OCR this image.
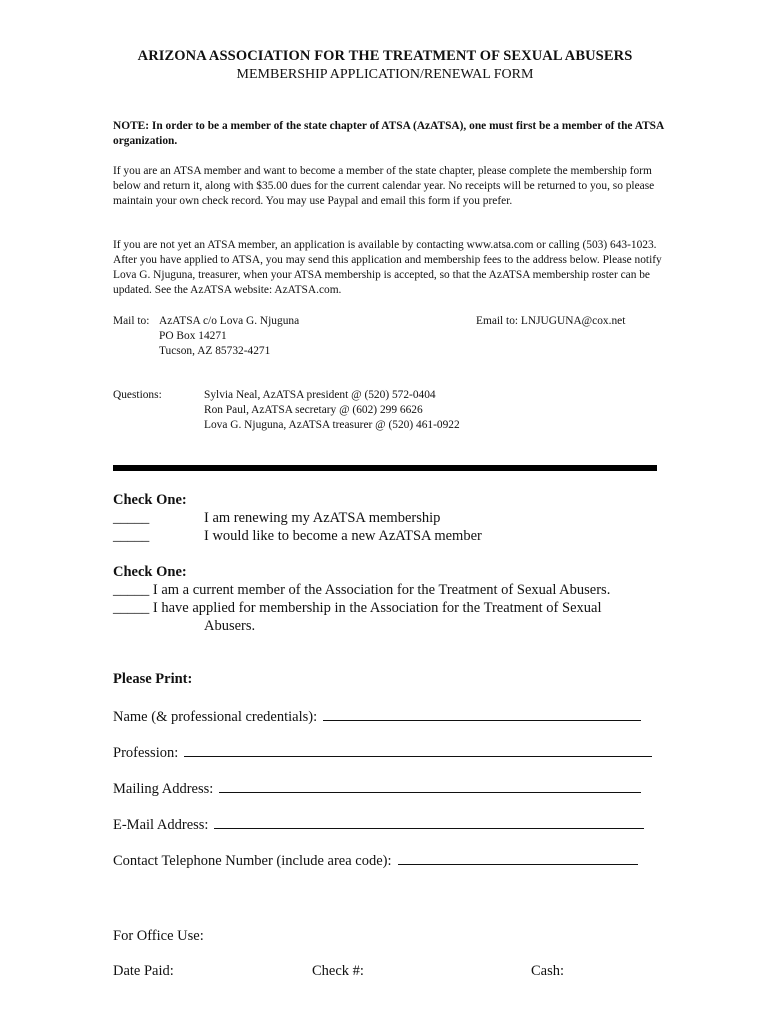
ARIZONA ASSOCIATION FOR THE TREATMENT OF SEXUAL ABUSERS
MEMBERSHIP APPLICATION/RENEWAL FORM
NOTE: In order to be a member of the state chapter of ATSA (AzATSA), one must first be a member of the ATSA organization.
If you are an ATSA member and want to become a member of the state chapter, please complete the membership form below and return it, along with $35.00 dues for the current calendar year. No receipts will be returned to you, so please maintain your own check record. You may use Paypal and email this form if you prefer.
If you are not yet an ATSA member, an application is available by contacting www.atsa.com or calling (503) 643-1023. After you have applied to ATSA, you may send this application and membership fees to the address below. Please notify Lova G. Njuguna, treasurer, when your ATSA membership is accepted, so that the AzATSA membership roster can be updated. See the AzATSA website: AzATSA.com.
Mail to: AzATSA c/o Lova G. Njuguna
PO Box 14271
Tucson, AZ 85732-4271
Email to: LNJUGUNA@cox.net
Questions:	Sylvia Neal, AzATSA president @ (520) 572-0404
Ron Paul, AzATSA secretary @ (602) 299 6626
Lova G. Njuguna, AzATSA treasurer @ (520) 461-0922
Check One:
_____	I am renewing my AzATSA membership
_____	I would like to become a new AzATSA member
Check One:
_____ I am a current member of the Association for the Treatment of Sexual Abusers.
_____ I have applied for membership in the Association for the Treatment of Sexual
Abusers.
Please Print:
Name (& professional credentials):
Profession:
Mailing Address:
E-Mail Address:
Contact Telephone Number (include area code):
For Office Use:
Date Paid:	Check #:	Cash:
